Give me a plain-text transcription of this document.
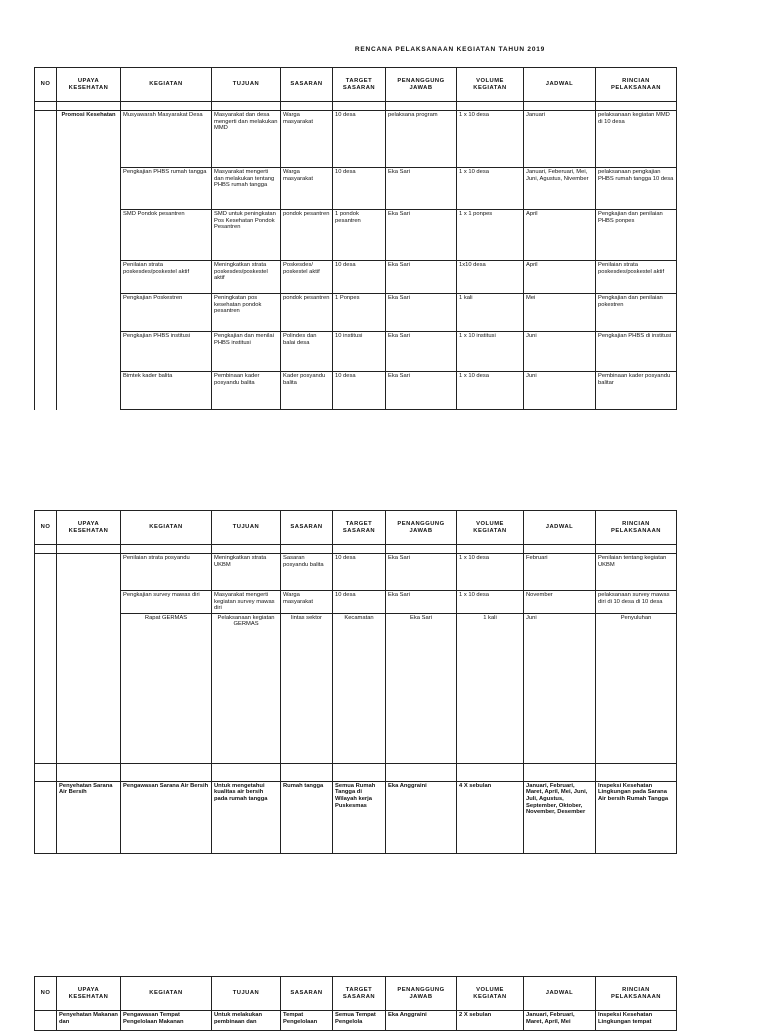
RENCANA PELAKSANAAN KEGIATAN TAHUN 2019
NO	UPAYA KESEHATAN	KEGIATAN	TUJUAN	SASARAN	TARGET SASARAN	PENANGGUNG JAWAB	VOLUME KEGIATAN	JADWAL	RINCIAN PELAKSANAAN

	Promosi Kesehatan	Musyawarah Masyarakat Desa	Masyarakat dan desa mengerti dan melakukan MMD	Warga masyarakat	10 desa	pelaksana program	1 x 10 desa	Januari	pelaksanaan kegiatan MMD di 10 desa
		Pengkajian PHBS rumah tangga	Masyarakat mengerti dan melakukan tentang PHBS rumah tangga	Warga masyarakat	10 desa	Eka Sari	1 x 10 desa	Januari, Feberuari, Mei, Juni, Agustus, Nivember	pelaksanaan pengkajian PHBS rumah tangga 10 desa
		SMD Pondok pesantren	SMD untuk peningkatan Pos Kesehatan Pondok Pesantren	pondok pesantren	1 pondok pesantren	Eka Sari	1 x 1 ponpes	April	Pengkajian dan penilaian PHBS ponpes
		Penilaian strata poskesdes/poskestel aktif	Meningkatkan strata poskesdes/poskestel aktif	Poskesdes/ poskestel aktif	10 desa	Eka Sari	1x10 desa	April	Penilaian strata poskesdes/poskestel aktif
		Pengkajian Poskestren	Peningkatan pos kesehatan pondok pesantren	pondok pesantren	1 Ponpes	Eka Sari	1 kali	Mei	Pengkajian dan penilaian pokestren
		Pengkajian PHBS institusi	Pengkajian dan menilai PHBS institusi	Polindes dan balai desa	10 institusi	Eka Sari	1 x 10 institusi	Juni	Pengkajian PHBS di institusi
		Bimtek kader balita	Pembinaan kader posyandu balita	Kader posyandu balita	10 desa	Eka Sari	1 x 10 desa	Juni	Pembinaan kader posyandu balitar
NO	UPAYA KESEHATAN	KEGIATAN	TUJUAN	SASARAN	TARGET SASARAN	PENANGGUNG JAWAB	VOLUME KEGIATAN	JADWAL	RINCIAN PELAKSANAAN

		Penilaian strata posyandu	Meningkatkan strata UKBM	Sasaran posyandu balita	10 desa	Eka Sari	1 x 10 desa	Februari	Penilaian tentang kegiatan UKBM
		Pengkajian survey mawas diri	Masyarakat mengerti kegiatan survey mawas diri	Warga masyarakat	10 desa	Eka Sari	1 x 10 desa	November	pelaksanaan survey mawas diri di 10 desa di 10 desa
		Rapat GERMAS	Pelaksanaan kegiatan GERMAS	lintas sektor	Kecamatan	Eka Sari	1 kali	Juni	Penyuluhan

	Penyehatan Sarana Air Bersih	Pengawasan Sarana Air Bersih	Untuk mengetahui kualitas air bersih pada rumah tangga	Rumah tangga	Semua Rumah Tangga di Wilayah kerja Puskesmas	Eka Anggraini	4 X sebulan	Januari, Februari, Maret, April, Mei, Juni, Juli, Agustus, September, Oktober, November, Desember	Inspeksi Kesehatan Lingkungan pada Sarana Air bersih Rumah Tangga
NO	UPAYA KESEHATAN	KEGIATAN	TUJUAN	SASARAN	TARGET SASARAN	PENANGGUNG JAWAB	VOLUME KEGIATAN	JADWAL	RINCIAN PELAKSANAAN
	Penyehatan Makanan dan	Pengawasan Tempat Pengelolaan Makanan	Untuk melakukan pembinaan dan	Tempat Pengelolaan	Semua Tempat Pengelola	Eka Anggraini	2 X sebulan	Januari, Februari, Maret, April, Mei	Inspeksi Kesehatan Lingkungan tempat
